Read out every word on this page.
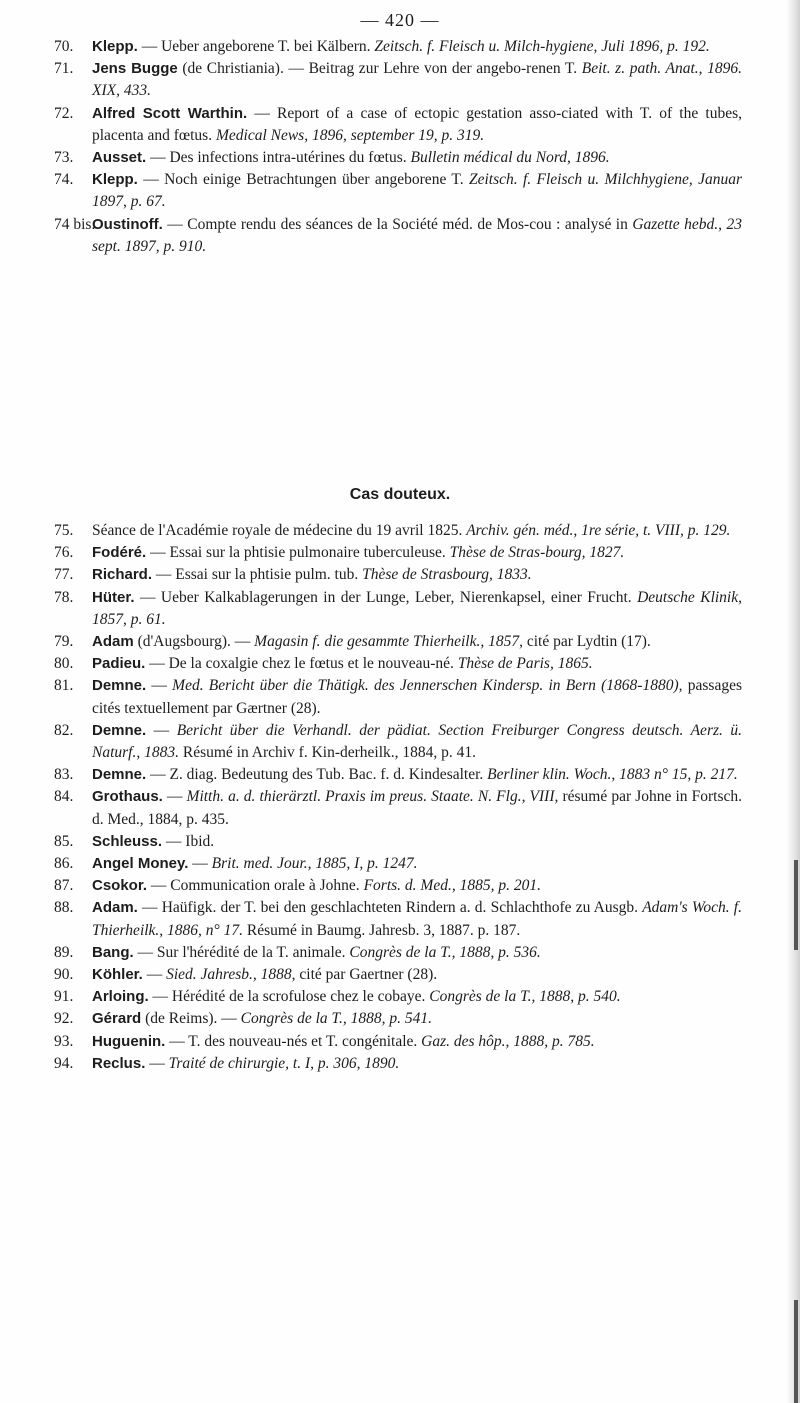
— 420 —

70. Klepp. — Ueber angeborene T. bei Kälbern. Zeitsch. f. Fleisch u. Milch-hygiene, Juli 1896, p. 192.

71. Jens Bugge (de Christiania). — Beitrag zur Lehre von der angebo-renen T. Beit. z. path. Anat., 1896. XIX, 433.

72. Alfred Scott Warthin. — Report of a case of ectopic gestation asso-ciated with T. of the tubes, placenta and fœtus. Medical News, 1896, september 19, p. 319.

73. Ausset. — Des infections intra-utérines du fœtus. Bulletin médical du Nord, 1896.

74. Klepp. — Noch einige Betrachtungen über angeborene T. Zeitsch. f. Fleisch u. Milchhygiene, Januar 1897, p. 67.

74 bis.
Oustinoff. — Compte rendu des séances de la Société méd. de Mos-cou : analysé in Gazette hebd., 23 sept. 1897, p. 910.

Cas douteux.

75. Séance de l'Académie royale de médecine du 19 avril 1825. Archiv. gén. méd., 1re série, t. VIII, p. 129.

76. Fodéré. — Essai sur la phtisie pulmonaire tuberculeuse. Thèse de Stras-bourg, 1827.

77. Richard. — Essai sur la phtisie pulm. tub. Thèse de Strasbourg, 1833.

78. Hüter. — Ueber Kalkablagerungen in der Lunge, Leber, Nierenkapsel, einer Frucht. Deutsche Klinik, 1857, p. 61.

79. Adam (d'Augsbourg). — Magasin f. die gesammte Thierheilk., 1857, cité par Lydtin (17).

80. Padieu. — De la coxalgie chez le fœtus et le nouveau-né. Thèse de Paris, 1865.

81. Demne. — Med. Bericht über die Thätigk. des Jennerschen Kindersp. in Bern (1868-1880), passages cités textuellement par Gærtner (28).

82. Demne. — Bericht über die Verhandl. der pädiat. Section Freiburger Congress deutsch. Aerz. ü. Naturf., 1883. Résumé in Archiv f. Kin-derheilk., 1884, p. 41.

83. Demne. — Z. diag. Bedeutung des Tub. Bac. f. d. Kindesalter. Berliner klin. Woch., 1883 n° 15, p. 217.

84. Grothaus. — Mitth. a. d. thierärztl. Praxis im preus. Staate. N. Flg., VIII, résumé par Johne in Fortsch. d. Med., 1884, p. 435.

85. Schleuss. — Ibid.

86. Angel Money. — Brit. med. Jour., 1885, I, p. 1247.

87. Csokor. — Communication orale à Johne. Forts. d. Med., 1885, p. 201.

88. Adam. — Haüfigk. der T. bei den geschlachteten Rindern a. d. Schlachthofe zu Ausgb. Adam's Woch. f. Thierheilk., 1886, n° 17. Résumé in Baumg. Jahresb. 3, 1887. p. 187.

89. Bang. — Sur l'hérédité de la T. animale. Congrès de la T., 1888, p. 536.

90. Köhler. — Sied. Jahresb., 1888, cité par Gaertner (28).

91. Arloing. — Hérédité de la scrofulose chez le cobaye. Congrès de la T., 1888, p. 540.

92. Gérard (de Reims). — Congrès de la T., 1888, p. 541.

93. Huguenin. — T. des nouveau-nés et T. congénitale. Gaz. des hôp., 1888, p. 785.

94. Reclus. — Traité de chirurgie, t. I, p. 306, 1890.
